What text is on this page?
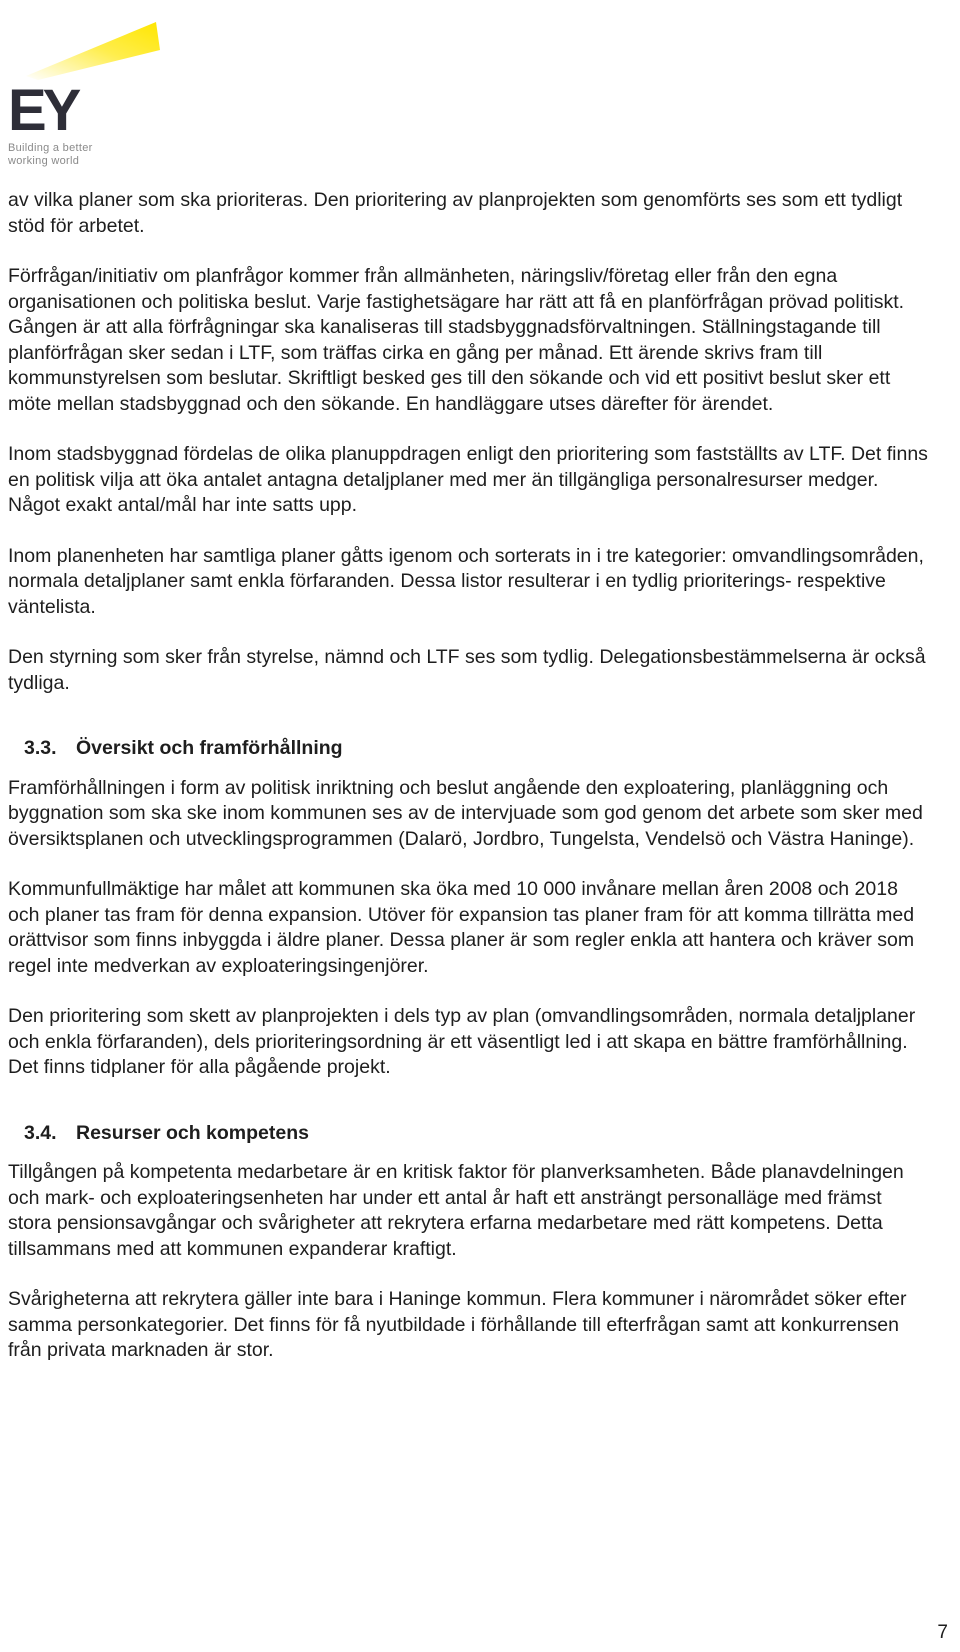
EY
Building a better
working world

av vilka planer som ska prioriteras. Den prioritering av planprojekten som genomförts ses som ett tydligt stöd för arbetet.

Förfrågan/initiativ om planfrågor kommer från allmänheten, näringsliv/företag eller från den egna organisationen och politiska beslut. Varje fastighetsägare har rätt att få en planförfrågan prövad politiskt. Gången är att alla förfrågningar ska kanaliseras till stadsbyggnadsförvaltningen. Ställningstagande till planförfrågan sker sedan i LTF, som träffas cirka en gång per månad. Ett ärende skrivs fram till kommunstyrelsen som beslutar. Skriftligt besked ges till den sökande och vid ett positivt beslut sker ett möte mellan stadsbyggnad och den sökande. En handläggare utses därefter för ärendet.

Inom stadsbyggnad fördelas de olika planuppdragen enligt den prioritering som fastställts av LTF. Det finns en politisk vilja att öka antalet antagna detaljplaner med mer än tillgängliga personalresurser medger. Något exakt antal/mål har inte satts upp.

Inom planenheten har samtliga planer gåtts igenom och sorterats in i tre kategorier: omvandlingsområden, normala detaljplaner samt enkla förfaranden. Dessa listor resulterar i en tydlig prioriterings- respektive väntelista.

Den styrning som sker från styrelse, nämnd och LTF ses som tydlig. Delegationsbestämmelserna är också tydliga.

3.3. Översikt och framförhållning

Framförhållningen i form av politisk inriktning och beslut angående den exploatering, planläggning och byggnation som ska ske inom kommunen ses av de intervjuade som god genom det arbete som sker med översiktsplanen och utvecklingsprogrammen (Dalarö, Jordbro, Tungelsta, Vendelsö och Västra Haninge).

Kommunfullmäktige har målet att kommunen ska öka med 10 000 invånare mellan åren 2008 och 2018 och planer tas fram för denna expansion. Utöver för expansion tas planer fram för att komma tillrätta med orättvisor som finns inbyggda i äldre planer. Dessa planer är som regler enkla att hantera och kräver som regel inte medverkan av exploateringsingenjörer.

Den prioritering som skett av planprojekten i dels typ av plan (omvandlingsområden, normala detaljplaner och enkla förfaranden), dels prioriteringsordning är ett väsentligt led i att skapa en bättre framförhållning. Det finns tidplaner för alla pågående projekt.

3.4. Resurser och kompetens

Tillgången på kompetenta medarbetare är en kritisk faktor för planverksamheten. Både planavdelningen och mark- och exploateringsenheten har under ett antal år haft ett ansträngt personalläge med främst stora pensionsavgångar och svårigheter att rekrytera erfarna medarbetare med rätt kompetens. Detta tillsammans med att kommunen expanderar kraftigt.

Svårigheterna att rekrytera gäller inte bara i Haninge kommun. Flera kommuner i närområdet söker efter samma personkategorier. Det finns för få nyutbildade i förhållande till efterfrågan samt att konkurrensen från privata marknaden är stor.

7
